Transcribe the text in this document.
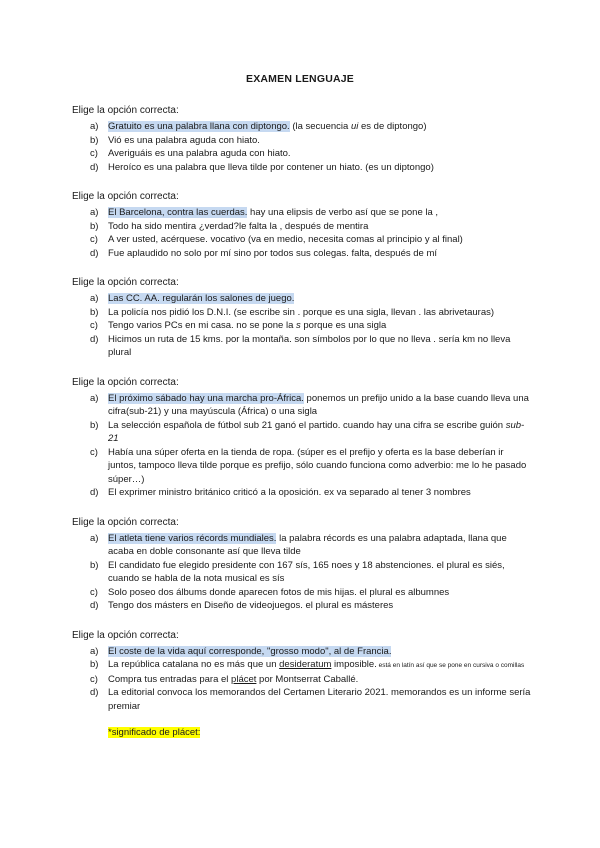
EXAMEN LENGUAJE
Elige la opción correcta:
a) Gratuito es una palabra llana con diptongo. (la secuencia ui es de diptongo)
b) Vió es una palabra aguda con hiato.
c) Averiguáis es una palabra aguda con hiato.
d) Heroíco es una palabra que lleva tilde por contener un hiato. (es un diptongo)
Elige la opción correcta:
a) El Barcelona, contra las cuerdas. hay una elipsis de verbo así que se pone la ,
b) Todo ha sido mentira ¿verdad?le falta la , después de mentira
c) A ver usted, acérquese. vocativo (va en medio, necesita comas al principio y al final)
d) Fue aplaudido no solo por mí sino por todos sus colegas. falta, después de mí
Elige la opción correcta:
a) Las CC. AA. regularán los salones de juego.
b) La policía nos pidió los D.N.I. (se escribe sin . porque es una sigla, llevan . las abrivetauras)
c) Tengo varios PCs en mi casa. no se pone la s porque es una sigla
d) Hicimos un ruta de 15 kms. por la montaña. son símbolos por lo que no lleva . sería km no lleva plural
Elige la opción correcta:
a) El próximo sábado hay una marcha pro-África. ponemos un prefijo unido a la base cuando lleva una cifra(sub-21) y una mayúscula (África) o una sigla
b) La selección española de fútbol sub 21 ganó el partido. cuando hay una cifra se escribe guión sub-21
c) Había una súper oferta en la tienda de ropa. (súper es el prefijo y oferta es la base deberían ir juntos, tampoco lleva tilde porque es prefijo, sólo cuando funciona como adverbio: me lo he pasado súper…)
d) El exprimer ministro británico criticó a la oposición. ex va separado al tener 3 nombres
Elige la opción correcta:
a) El atleta tiene varios récords mundiales. la palabra récords es una palabra adaptada, llana que acaba en doble consonante así que lleva tilde
b) El candidato fue elegido presidente con 167 sís, 165 noes y 18 abstenciones. el plural es siés, cuando se habla de la nota musical es sís
c) Solo poseo dos álbums donde aparecen fotos de mis hijas. el plural es albumnes
d) Tengo dos másters en Diseño de videojuegos. el plural es másteres
Elige la opción correcta:
a) El coste de la vida aquí corresponde, "grosso modo", al de Francia.
b) La república catalana no es más que un desideratum imposible. está en latín así que se pone en cursiva o comillas
c) Compra tus entradas para el plácet por Montserrat Caballé.
d) La editorial convoca los memorandos del Certamen Literario 2021. memorandos es un informe sería premiar
*significado de plácet:
